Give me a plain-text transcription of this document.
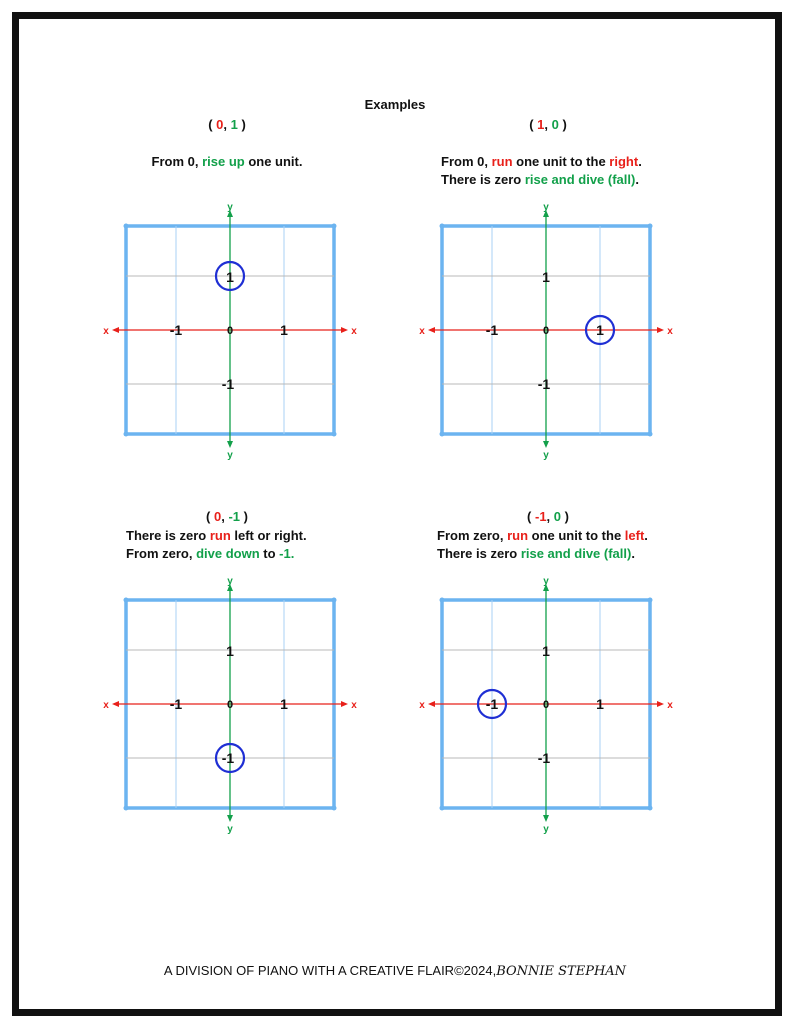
Examples
( 0, 1 )
From 0, rise up one unit.
( 1, 0 )
From 0, run one unit to the right.
There is zero rise and dive (fall).
( 0, -1 )
There is zero run left or right.
From zero, dive down to -1.
( -1, 0 )
From zero, run one unit to the left.
There is zero rise and dive (fall).
x	x
y
y
-1	1
0
1
-1
x	x
y
y
-1	1
0
1
-1
x	x
y
y
-1	1
0
1
-1
x	x
y
y
-1	1
0
1
-1
A DIVISION OF PIANO WITH A CREATIVE FLAIR©2024,BONNIE STEPHAN
